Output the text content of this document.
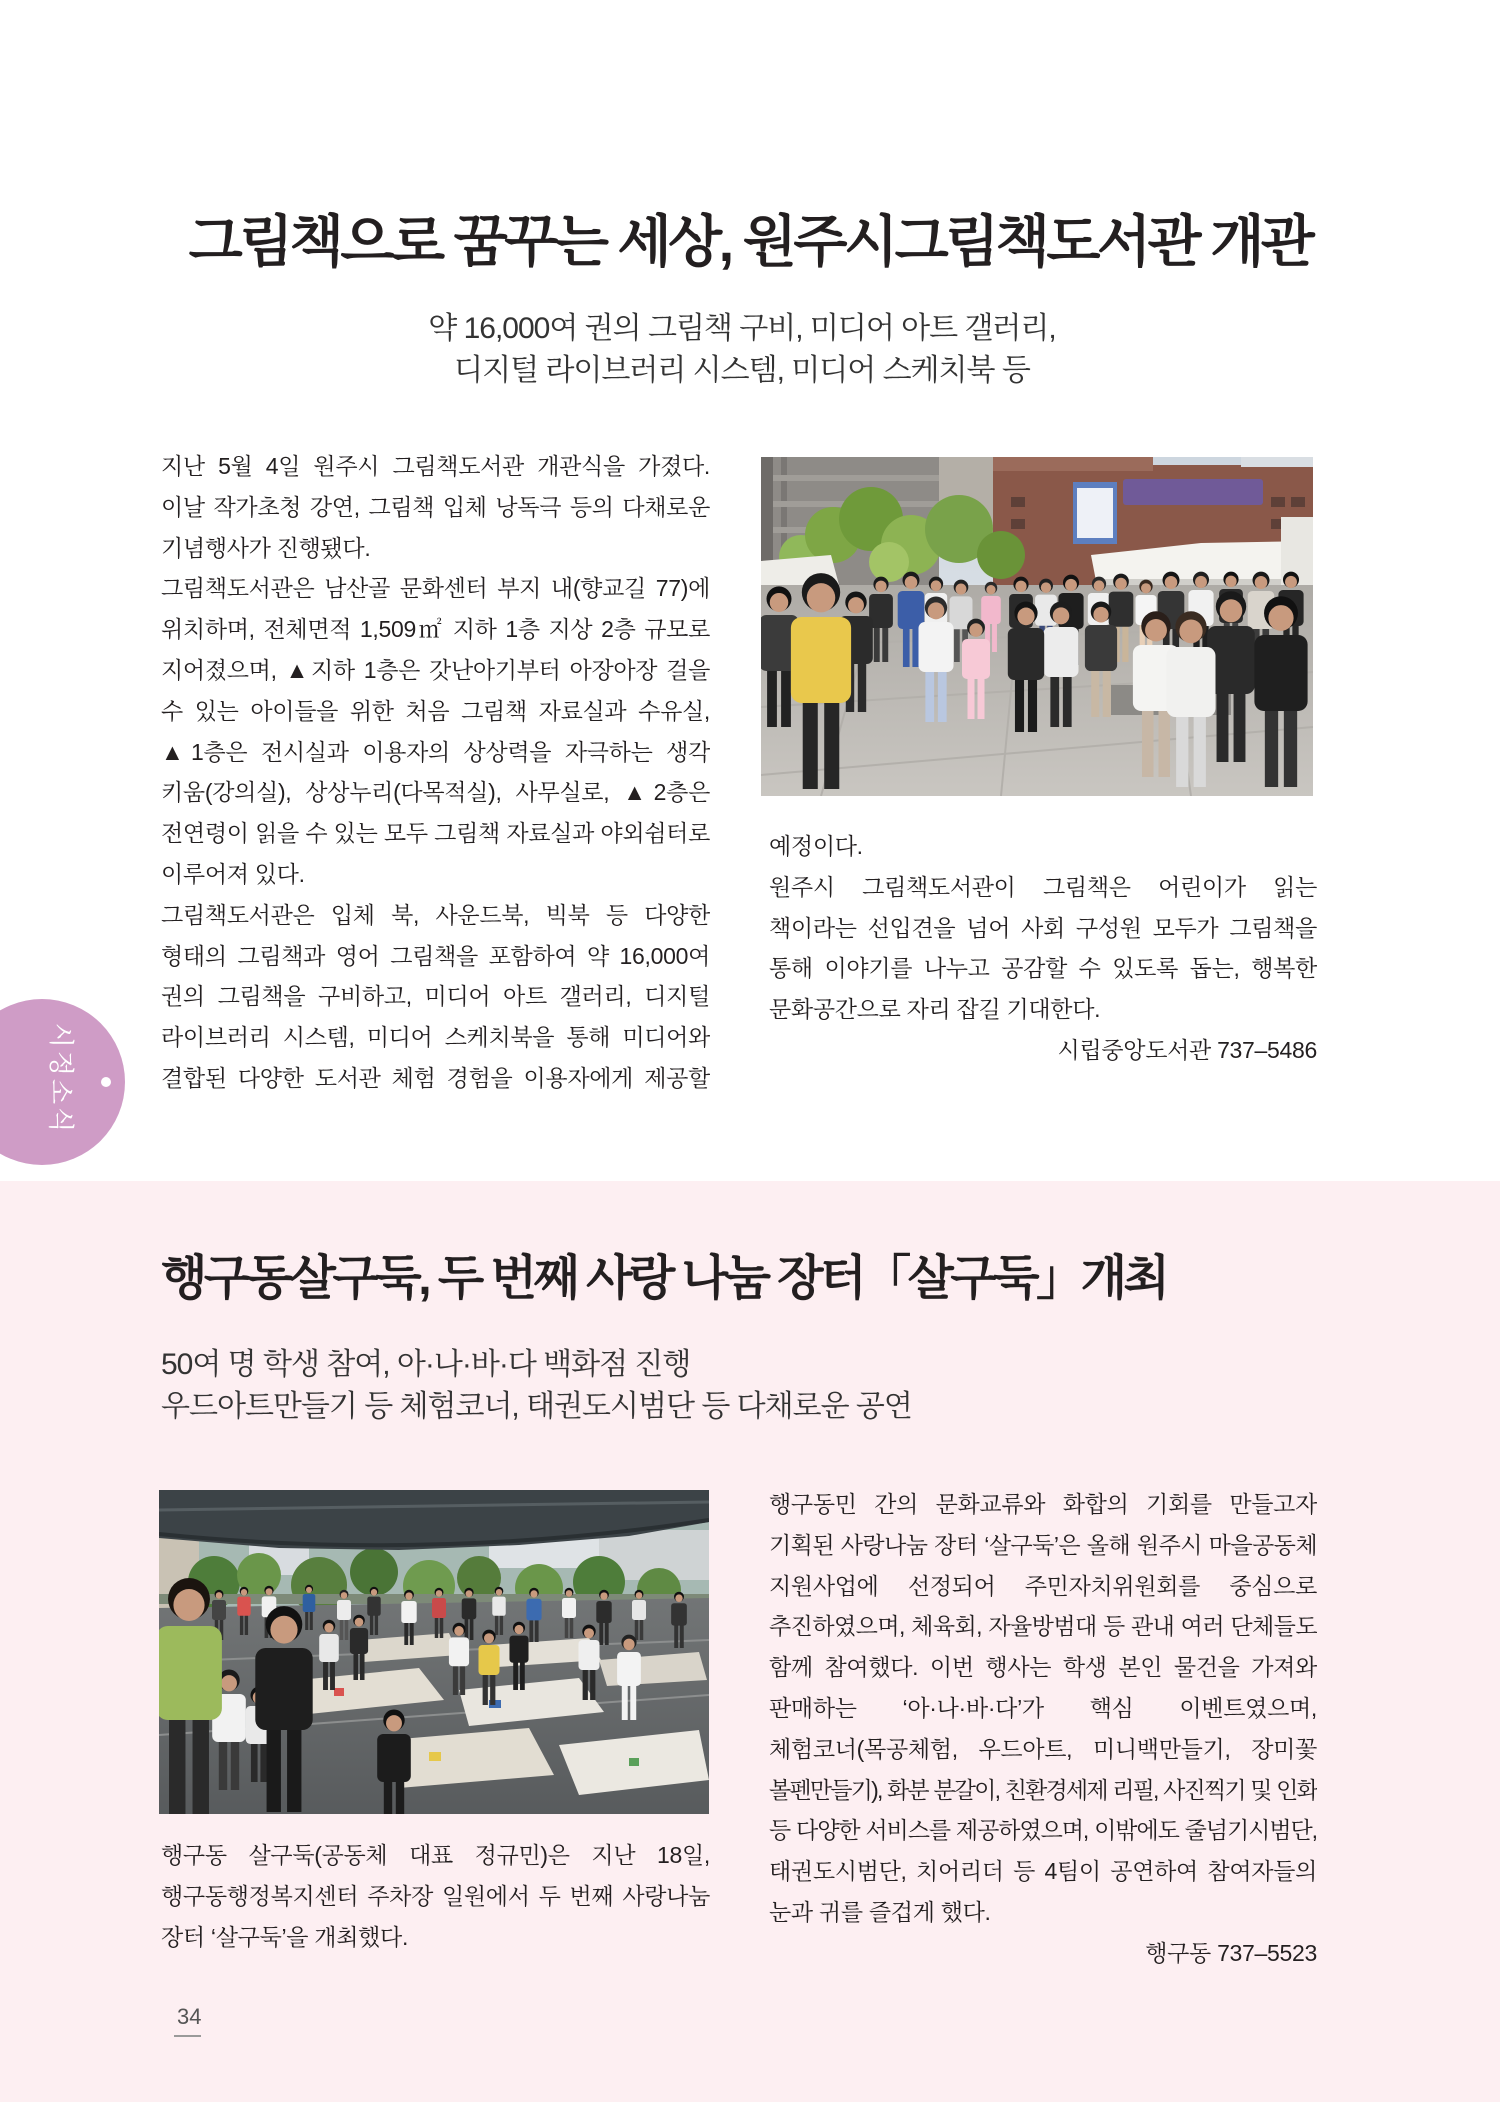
그림책으로 꿈꾸는 세상, 원주시그림책도서관 개관
약 16,000여 권의 그림책 구비, 미디어 아트 갤러리,
디지털 라이브러리 시스템, 미디어 스케치북 등
지난 5월 4일 원주시 그림책도서관 개관식을 가졌다.
이날 작가초청 강연, 그림책 입체 낭독극 등의 다채로운
기념행사가 진행됐다.
그림책도서관은 남산골 문화센터 부지 내(향교길 77)에
위치하며, 전체면적 1,509㎡ 지하 1층 지상 2층 규모로
지어졌으며, ▲지하 1층은 갓난아기부터 아장아장 걸을
수 있는 아이들을 위한 처음 그림책 자료실과 수유실,
▲1층은 전시실과 이용자의 상상력을 자극하는 생각
키움(강의실), 상상누리(다목적실), 사무실로, ▲2층은
전연령이 읽을 수 있는 모두 그림책 자료실과 야외쉼터로
이루어져 있다.
그림책도서관은 입체 북, 사운드북, 빅북 등 다양한
형태의 그림책과 영어 그림책을 포함하여 약 16,000여
권의 그림책을 구비하고, 미디어 아트 갤러리, 디지털
라이브러리 시스템, 미디어 스케치북을 통해 미디어와
결합된 다양한 도서관 체험 경험을 이용자에게 제공할
예정이다.
원주시 그림책도서관이 그림책은 어린이가 읽는
책이라는 선입견을 넘어 사회 구성원 모두가 그림책을
통해 이야기를 나누고 공감할 수 있도록 돕는, 행복한
문화공간으로 자리 잡길 기대한다.
시립중앙도서관 737–5486
시정소식
행구동살구둑, 두 번째 사랑 나눔 장터「살구둑」개최
50여 명 학생 참여, 아·나·바·다 백화점 진행
우드아트만들기 등 체험코너, 태권도시범단 등 다채로운 공연
행구동 살구둑(공동체 대표 정규민)은 지난 18일,
행구동행정복지센터 주차장 일원에서 두 번째 사랑나눔
장터 ‘살구둑’을 개최했다.
행구동민 간의 문화교류와 화합의 기회를 만들고자
기획된 사랑나눔 장터 ‘살구둑’은 올해 원주시 마을공동체
지원사업에 선정되어 주민자치위원회를 중심으로
추진하였으며, 체육회, 자율방범대 등 관내 여러 단체들도
함께 참여했다. 이번 행사는 학생 본인 물건을 가져와
판매하는 ‘아·나·바·다’가 핵심 이벤트였으며,
체험코너(목공체험, 우드아트, 미니백만들기, 장미꽃
볼펜만들기), 화분 분갈이, 친환경세제 리필, 사진찍기 및 인화
등 다양한 서비스를 제공하였으며, 이밖에도 줄넘기시범단,
태권도시범단, 치어리더 등 4팀이 공연하여 참여자들의
눈과 귀를 즐겁게 했다.
행구동 737–5523
34
